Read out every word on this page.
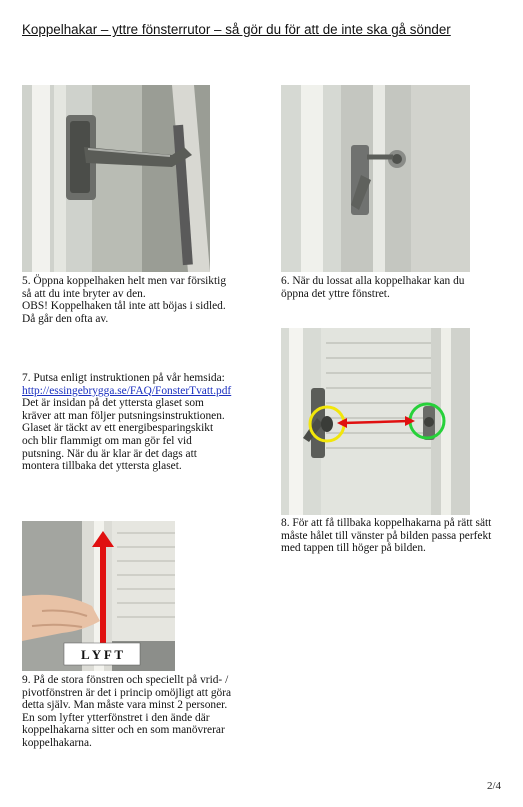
Koppelhakar – yttre fönsterrutor – så gör du för att de inte ska gå sönder

5. Öppna koppelhaken helt men var försiktig

så att du inte bryter av den.

OBS! Koppelhaken tål inte att böjas i sidled.

Då går den ofta av.

6. När du lossat alla koppelhakar kan du

öppna det yttre fönstret.

7. Putsa enligt instruktionen på vår hemsida:

http://essingebrygga.se/FAQ/FonsterTvatt.pdf

Det är insidan på det yttersta glaset som

kräver att man följer putsningsinstruktionen.

Glaset är täckt av ett energibesparingskikt

och blir flammigt om man gör fel vid

putsning. När du är klar är det dags att

montera tillbaka det yttersta glaset.

8. För att få tillbaka koppelhakarna på rätt sätt

måste hålet till vänster på bilden passa perfekt

med tappen till höger på bilden.

L Y F T

9. På de stora fönstren och speciellt på vrid- /

pivotfönstren är det i princip omöjligt att göra

detta själv. Man måste vara minst 2 personer.

En som lyfter ytterfönstret i den ände där

koppelhakarna sitter och en som manövrerar

koppelhakarna.

2/4
